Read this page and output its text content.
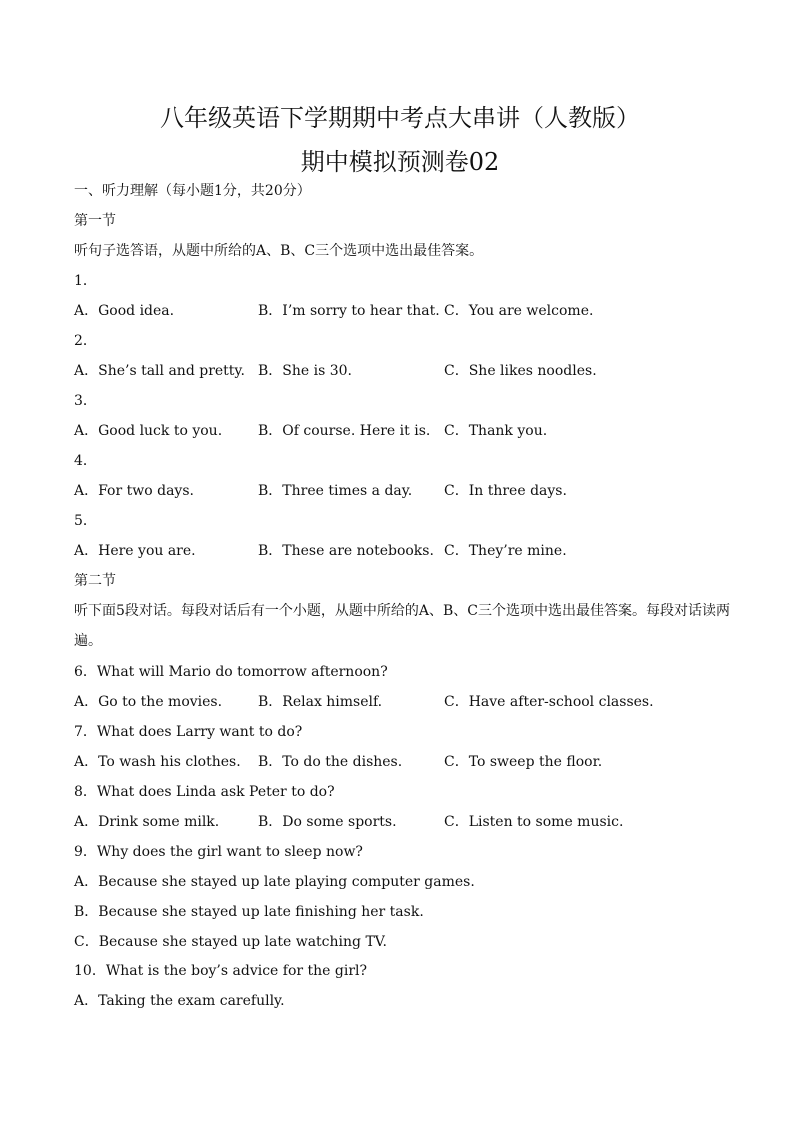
八年级英语下学期期中考点大串讲（人教版）
期中模拟预测卷02
一、听力理解（每小题1分，共20分）
第一节
听句子选答语，从题中所给的A、B、C三个选项中选出最佳答案。
1．
A．Good idea.	B．I’m sorry to hear that. C．You are welcome.
2．
A．She’s tall and pretty. B．She is 30.	C．She likes noodles.
3．
A．Good luck to you.	B．Of course. Here it is. C．Thank you.
4．
A．For two days.	B．Three times a day. C．In three days.
5．
A．Here you are.	B．These are notebooks. C．They’re mine.
第二节
听下面5段对话。每段对话后有一个小题，从题中所给的A、B、C三个选项中选出最佳答案。每段对话读两遍。
6．What will Mario do tomorrow afternoon?
A．Go to the movies.	B．Relax himself.	C．Have after-school classes.
7．What does Larry want to do?
A．To wash his clothes. B．To do the dishes.	C．To sweep the floor.
8．What does Linda ask Peter to do?
A．Drink some milk.	B．Do some sports.	C．Listen to some music.
9．Why does the girl want to sleep now?
A．Because she stayed up late playing computer games.
B．Because she stayed up late finishing her task.
C．Because she stayed up late watching TV.
10．What is the boy’s advice for the girl?
A．Taking the exam carefully.
